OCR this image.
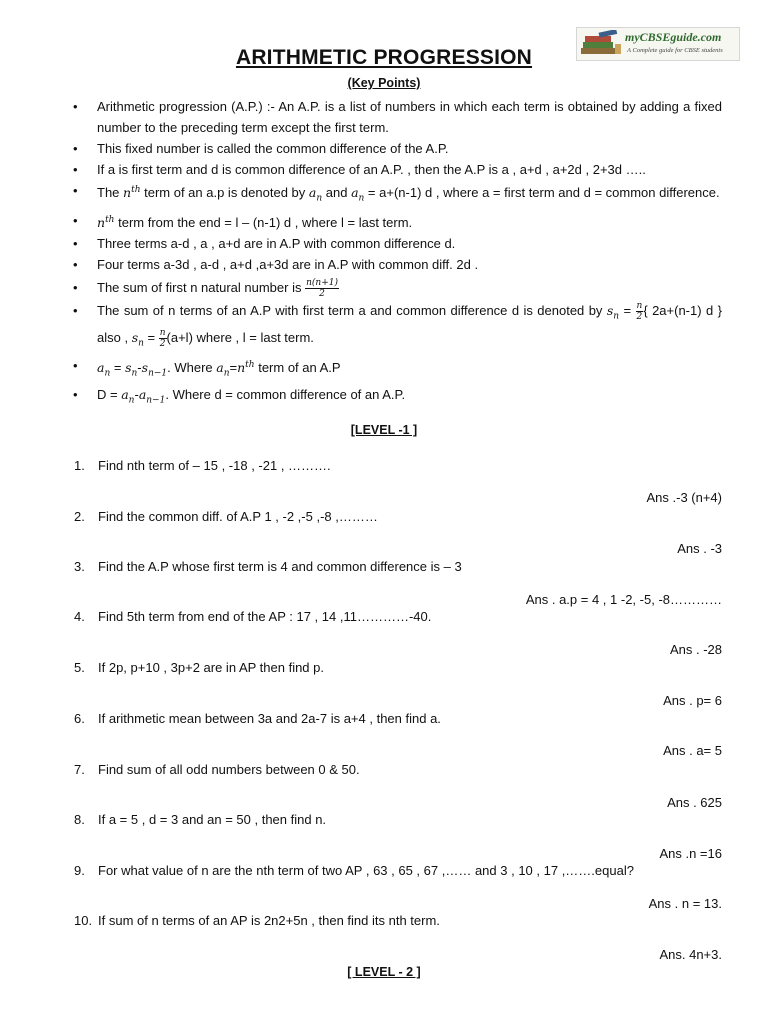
myCBSEguide.com
A Complete guide for CBSE students
ARITHMETIC PROGRESSION
(Key Points)
• Arithmetic progression (A.P.) :- An A.P. is a list of numbers in which each term is obtained by adding a fixed number to the preceding term except the first term.
• This fixed number is called the common difference of the A.P.
• If a is first term and d is common difference of an A.P. , then the A.P is a , a+d , a+2d , 2+3d …..
• The $n^{th}$ term of an a.p is denoted by $a_n$ and $a_n = a+(n-1)$ d , where a = first term and d = common difference.
• $n^{th}$ term from the end = l – (n-1) d , where l = last term.
• Three terms a-d , a , a+d are in A.P with common difference d.
• Four terms a-3d , a-d , a+d ,a+3d are in A.P with common diff. 2d .
• The sum of first n natural number is $\frac{n(n+1)}{2}$
• The sum of n terms of an A.P with first term a and common difference d is denoted by $s_n = \frac{n}{2}$ { 2a+(n-1) d } also , $s_n = \frac{n}{2} (a+l)$ where , l = last term.
• $a_n = s_n-s_{n-1}$. Where $a_n=n^{th}$ term of an A.P
• $D = a_n-a_{n-1}$. Where d = common difference of an A.P.
[LEVEL -1 ]
1.	Find nth term of – 15 , -18 , -21 , ……….
Ans .-3 (n+4)
2.	Find the common diff. of A.P 1 , -2 ,-5 ,-8 ,………
Ans . -3
3.	Find the A.P whose first term is 4 and common difference is – 3
Ans . a.p = 4 , 1 -2, -5, -8…………
4.	Find 5th term from end of the AP : 17 , 14 ,11…………-40.
Ans . -28
5.	If 2p, p+10 , 3p+2 are in AP then find p.
Ans . p= 6
6.	If arithmetic mean between 3a and 2a-7 is a+4 , then find a.
Ans . a= 5
7.	Find sum of all odd numbers between 0 & 50.
Ans . 625
8.	If a = 5 , d = 3 and an = 50 , then find n.
Ans .n =16
9.	For what value of n are the nth term of two AP , 63 , 65 , 67 ,…… and 3 , 10 , 17 ,…….equal?
Ans . n = 13.
10. If sum of n terms of an AP is 2n2+5n , then find its nth term.
Ans. 4n+3.
[ LEVEL - 2 ]
